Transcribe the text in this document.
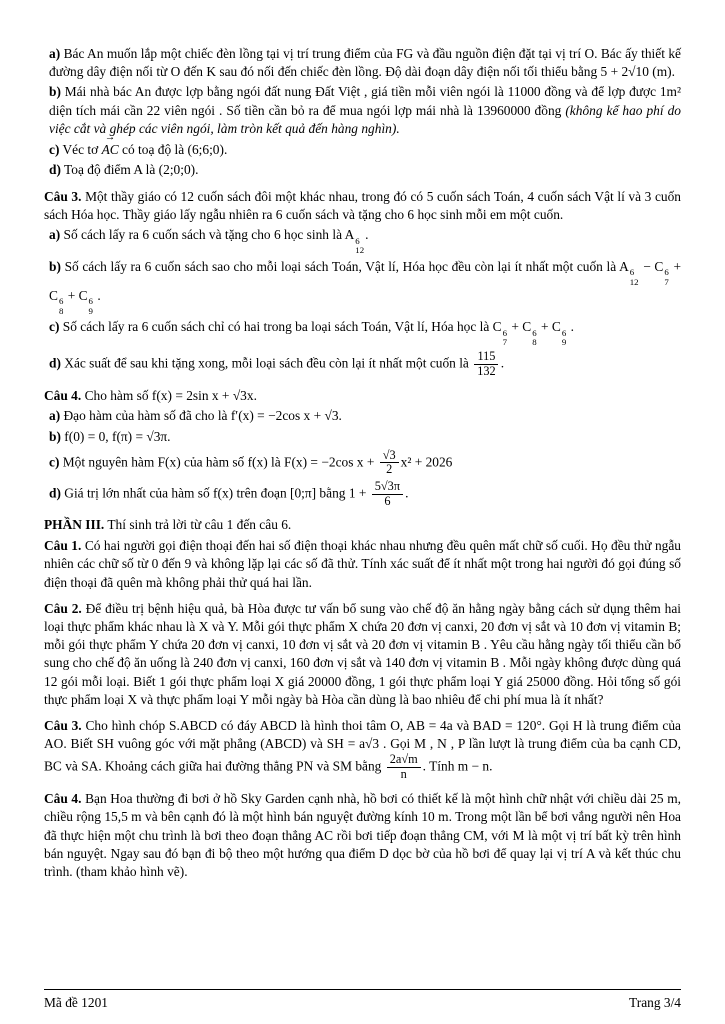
a) Bác An muốn lắp một chiếc đèn lồng tại vị trí trung điểm của FG và đầu nguồn điện đặt tại vị trí O. Bác ấy thiết kế đường dây điện nối từ O đến K sau đó nối đến chiếc đèn lồng. Độ dài đoạn dây điện nối tối thiểu bằng 5 + 2√10 (m).

b) Mái nhà bác An được lợp bằng ngói đất nung Đất Việt , giá tiền mỗi viên ngói là 11000 đồng và để lợp được 1m² diện tích mái cần 22 viên ngói . Số tiền cần bỏ ra để mua ngói lợp mái nhà là 13960000 đồng (không kể hao phí do việc cắt và ghép các viên ngói, làm tròn kết quả đến hàng nghìn).

c) Véc tơ AC → có toạ độ là (6;6;0).

d) Toạ độ điểm A là (2;0;0).

Câu 3. Một thầy giáo có 12 cuốn sách đôi một khác nhau, trong đó có 5 cuốn sách Toán, 4 cuốn sách Vật lí và 3 cuốn sách Hóa học. Thầy giáo lấy ngẫu nhiên ra 6 cuốn sách và tặng cho 6 học sinh mỗi em một cuốn.

a) Số cách lấy ra 6 cuốn sách và tặng cho 6 học sinh là A 6
12
.

b) Số cách lấy ra 6 cuốn sách sao cho mỗi loại sách Toán, Vật lí, Hóa học đều còn lại ít nhất một cuốn là A 6
12
− C 6
7
+ C 6
8
+ C 6
9
.

c) Số cách lấy ra 6 cuốn sách chỉ có hai trong ba loại sách Toán, Vật lí, Hóa học là C 6
7
+ C 6
8
+ C 6
9
.

d) Xác suất để sau khi tặng xong, mỗi loại sách đều còn lại ít nhất một cuốn là $\frac{115}{132}$ .

Câu 4. Cho hàm số f(x) = 2sin x + √3x.

a) Đạo hàm của hàm số đã cho là f′(x) = −2cos x + √3.

b) f(0) = 0, f(π) = √3π.

c) Một nguyên hàm F(x) của hàm số f(x) là F(x) = −2cos $x + \frac{√3}{2} x^2 + 2026$

d) Giá trị lớn nhất của hàm số f(x) trên đoạn [0;π] bằng $1 + \frac{5√3\pi}{6}$ .

PHẦN III. Thí sinh trả lời từ câu 1 đến câu 6.

Câu 1. Có hai người gọi điện thoại đến hai số điện thoại khác nhau nhưng đều quên mất chữ số cuối. Họ đều thử ngẫu nhiên các chữ số từ 0 đến 9 và không lặp lại các số đã thử. Tính xác suất để ít nhất một trong hai người đó gọi đúng số điện thoại đã quên mà không phải thử quá hai lần.

Câu 2. Để điều trị bệnh hiệu quả, bà Hòa được tư vấn bổ sung vào chế độ ăn hằng ngày bằng cách sử dụng thêm hai loại thực phẩm khác nhau là X và Y. Mỗi gói thực phẩm X chứa 20 đơn vị canxi, 20 đơn vị sắt và 10 đơn vị vitamin B; mỗi gói thực phẩm Y chứa 20 đơn vị canxi, 10 đơn vị sắt và 20 đơn vị vitamin B . Yêu cầu hằng ngày tối thiểu cần bổ sung cho chế độ ăn uống là 240 đơn vị canxi, 160 đơn vị sắt và 140 đơn vị vitamin B . Mỗi ngày không được dùng quá 12 gói mỗi loại. Biết 1 gói thực phẩm loại X giá 20000 đồng, 1 gói thực phẩm loại Y giá 25000 đồng. Hỏi tổng số gói thực phẩm loại X và thực phẩm loại Y mỗi ngày bà Hòa cần dùng là bao nhiêu để chi phí mua là ít nhất?

Câu 3. Cho hình chóp S.ABCD có đáy ABCD là hình thoi tâm O, AB = 4a và BAD = 120°. Gọi H là trung điểm của AO. Biết SH vuông góc với mặt phẳng (ABCD) và SH = a√3 . Gọi M , N , P lần lượt là trung điểm của ba cạnh CD, BC và SA. Khoảng cách giữa hai đường thẳng PN và SM bằng $\frac{2a√m}{n}$ . Tính m − n.

Câu 4. Bạn Hoa thường đi bơi ở hồ Sky Garden cạnh nhà, hồ bơi có thiết kế là một hình chữ nhật với chiều dài 25 m, chiều rộng 15,5 m và bên cạnh đó là một hình bán nguyệt đường kính 10 m. Trong một lần bể bơi vắng người nên Hoa đã thực hiện một chu trình là bơi theo đoạn thẳng AC rồi bơi tiếp đoạn thẳng CM, với M là một vị trí bất kỳ trên hình bán nguyệt. Ngay sau đó bạn đi bộ theo một hướng qua điểm D dọc bờ của hồ bơi để quay lại vị trí A và kết thúc chu trình. (tham khảo hình vẽ).

Mã đề 1201	Trang 3/4
